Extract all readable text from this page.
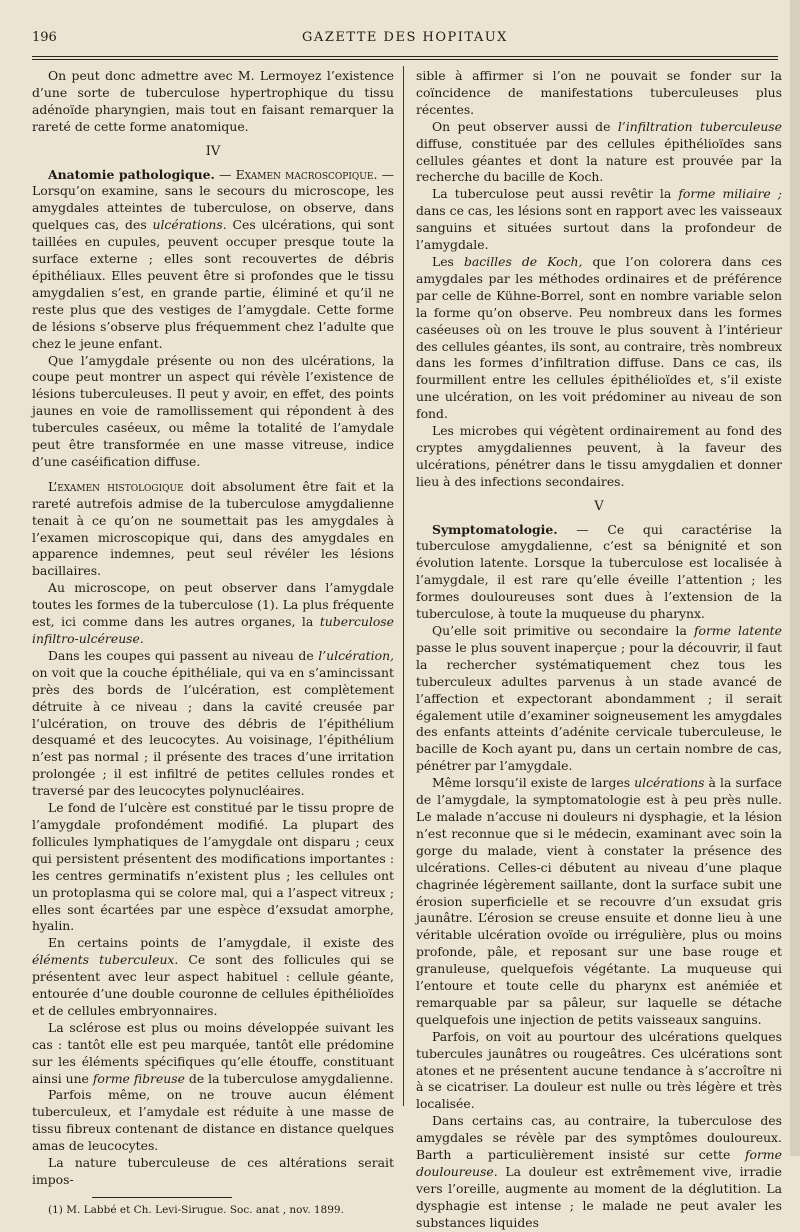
196	GAZETTE DES HOPITAUX

On peut donc admettre avec M. Lermoyez l’existence d’une sorte de tuberculose hypertrophique du tissu adénoïde pharyngien, mais tout en faisant remarquer la rareté de cette forme anatomique.

IV

Anatomie pathologique. — Examen macroscopique. — Lorsqu’on examine, sans le secours du microscope, les amygdales atteintes de tuberculose, on observe, dans quelques cas, des ulcérations. Ces ulcérations, qui sont taillées en cupules, peuvent occuper presque toute la surface externe ; elles sont recouvertes de débris épithéliaux. Elles peuvent être si profondes que le tissu amygdalien s’est, en grande partie, éliminé et qu’il ne reste plus que des vestiges de l’amygdale. Cette forme de lésions s’observe plus fréquemment chez l’adulte que chez le jeune enfant.

Que l’amygdale présente ou non des ulcérations, la coupe peut montrer un aspect qui révèle l’existence de lésions tuberculeuses. Il peut y avoir, en effet, des points jaunes en voie de ramollissement qui répondent à des tubercules caséeux, ou même la totalité de l’amydale peut être transformée en une masse vitreuse, indice d’une caséification diffuse.

L’examen histologique doit absolument être fait et la rareté autrefois admise de la tuberculose amygdalienne tenait à ce qu’on ne soumettait pas les amygdales à l’examen microscopique qui, dans des amygdales en apparence indemnes, peut seul révéler les lésions bacillaires.

Au microscope, on peut observer dans l’amygdale toutes les formes de la tuberculose (1). La plus fréquente est, ici comme dans les autres organes, la tuberculose infiltro-ulcéreuse.

Dans les coupes qui passent au niveau de l’ulcération, on voit que la couche épithéliale, qui va en s’amincissant près des bords de l’ulcération, est complètement détruite à ce niveau ; dans la cavité creusée par l’ulcération, on trouve des débris de l’épithélium desquamé et des leucocytes. Au voisinage, l’épithélium n’est pas normal ; il présente des traces d’une irritation prolongée ; il est infiltré de petites cellules rondes et traversé par des leucocytes polynucléaires.

Le fond de l’ulcère est constitué par le tissu propre de l’amygdale profondément modifié. La plupart des follicules lymphatiques de l’amygdale ont disparu ; ceux qui persistent présentent des modifications importantes : les centres germinatifs n’existent plus ; les cellules ont un protoplasma qui se colore mal, qui a l’aspect vitreux ; elles sont écartées par une espèce d’exsudat amorphe, hyalin.

En certains points de l’amygdale, il existe des éléments tuberculeux. Ce sont des follicules qui se présentent avec leur aspect habituel : cellule géante, entourée d’une double couronne de cellules épithélioïdes et de cellules embryonnaires.

La sclérose est plus ou moins développée suivant les cas : tantôt elle est peu marquée, tantôt elle prédomine sur les éléments spécifiques qu’elle étouffe, constituant ainsi une forme fibreuse de la tuberculose amygdalienne.

Parfois même, on ne trouve aucun élément tuberculeux, et l’amydale est réduite à une masse de tissu fibreux contenant de distance en distance quelques amas de leucocytes.

La nature tuberculeuse de ces altérations serait impos-

(1) M. Labbé et Ch. Levi-Sirugue. Soc. anat , nov. 1899.

sible à affirmer si l’on ne pouvait se fonder sur la coïncidence de manifestations tuberculeuses plus récentes.

On peut observer aussi de l’infiltration tuberculeuse diffuse, constituée par des cellules épithélioïdes sans cellules géantes et dont la nature est prouvée par la recherche du bacille de Koch.

La tuberculose peut aussi revêtir la forme miliaire ; dans ce cas, les lésions sont en rapport avec les vaisseaux sanguins et situées surtout dans la profondeur de l’amygdale.

Les bacilles de Koch, que l’on colorera dans ces amygdales par les méthodes ordinaires et de préférence par celle de Kühne-Borrel, sont en nombre variable selon la forme qu’on observe. Peu nombreux dans les formes caséeuses où on les trouve le plus souvent à l’intérieur des cellules géantes, ils sont, au contraire, très nombreux dans les formes d’infiltration diffuse. Dans ce cas, ils fourmillent entre les cellules épithélioïdes et, s’il existe une ulcération, on les voit prédominer au niveau de son fond.

Les microbes qui végètent ordinairement au fond des cryptes amygdaliennes peuvent, à la faveur des ulcérations, pénétrer dans le tissu amygdalien et donner lieu à des infections secondaires.

V

Symptomatologie. — Ce qui caractérise la tuberculose amygdalienne, c’est sa bénignité et son évolution latente. Lorsque la tuberculose est localisée à l’amygdale, il est rare qu’elle éveille l’attention ; les formes douloureuses sont dues à l’extension de la tuberculose, à toute la muqueuse du pharynx.

Qu’elle soit primitive ou secondaire la forme latente passe le plus souvent inaperçue ; pour la découvrir, il faut la rechercher systématiquement chez tous les tuberculeux adultes parvenus à un stade avancé de l’affection et expectorant abondamment ; il serait également utile d’examiner soigneusement les amygdales des enfants atteints d’adénite cervicale tuberculeuse, le bacille de Koch ayant pu, dans un certain nombre de cas, pénétrer par l’amygdale.

Même lorsqu’il existe de larges ulcérations à la surface de l’amygdale, la symptomatologie est à peu près nulle. Le malade n’accuse ni douleurs ni dysphagie, et la lésion n’est reconnue que si le médecin, examinant avec soin la gorge du malade, vient à constater la présence des ulcérations. Celles-ci débutent au niveau d’une plaque chagrinée légèrement saillante, dont la surface subit une érosion superficielle et se recouvre d’un exsudat gris jaunâtre. L’érosion se creuse ensuite et donne lieu à une véritable ulcération ovoïde ou irrégulière, plus ou moins profonde, pâle, et reposant sur une base rouge et granuleuse, quelquefois végétante. La muqueuse qui l’entoure et toute celle du pharynx est anémiée et remarquable par sa pâleur, sur laquelle se détache quelquefois une injection de petits vaisseaux sanguins.

Parfois, on voit au pourtour des ulcérations quelques tubercules jaunâtres ou rougeâtres. Ces ulcérations sont atones et ne présentent aucune tendance à s’accroître ni à se cicatriser. La douleur est nulle ou très légère et très localisée.

Dans certains cas, au contraire, la tuberculose des amygdales se révèle par des symptômes douloureux. Barth a particulièrement insisté sur cette forme douloureuse. La douleur est extrêmement vive, irradie vers l’oreille, augmente au moment de la déglutition. La dysphagie est intense ; le malade ne peut avaler les substances liquides
